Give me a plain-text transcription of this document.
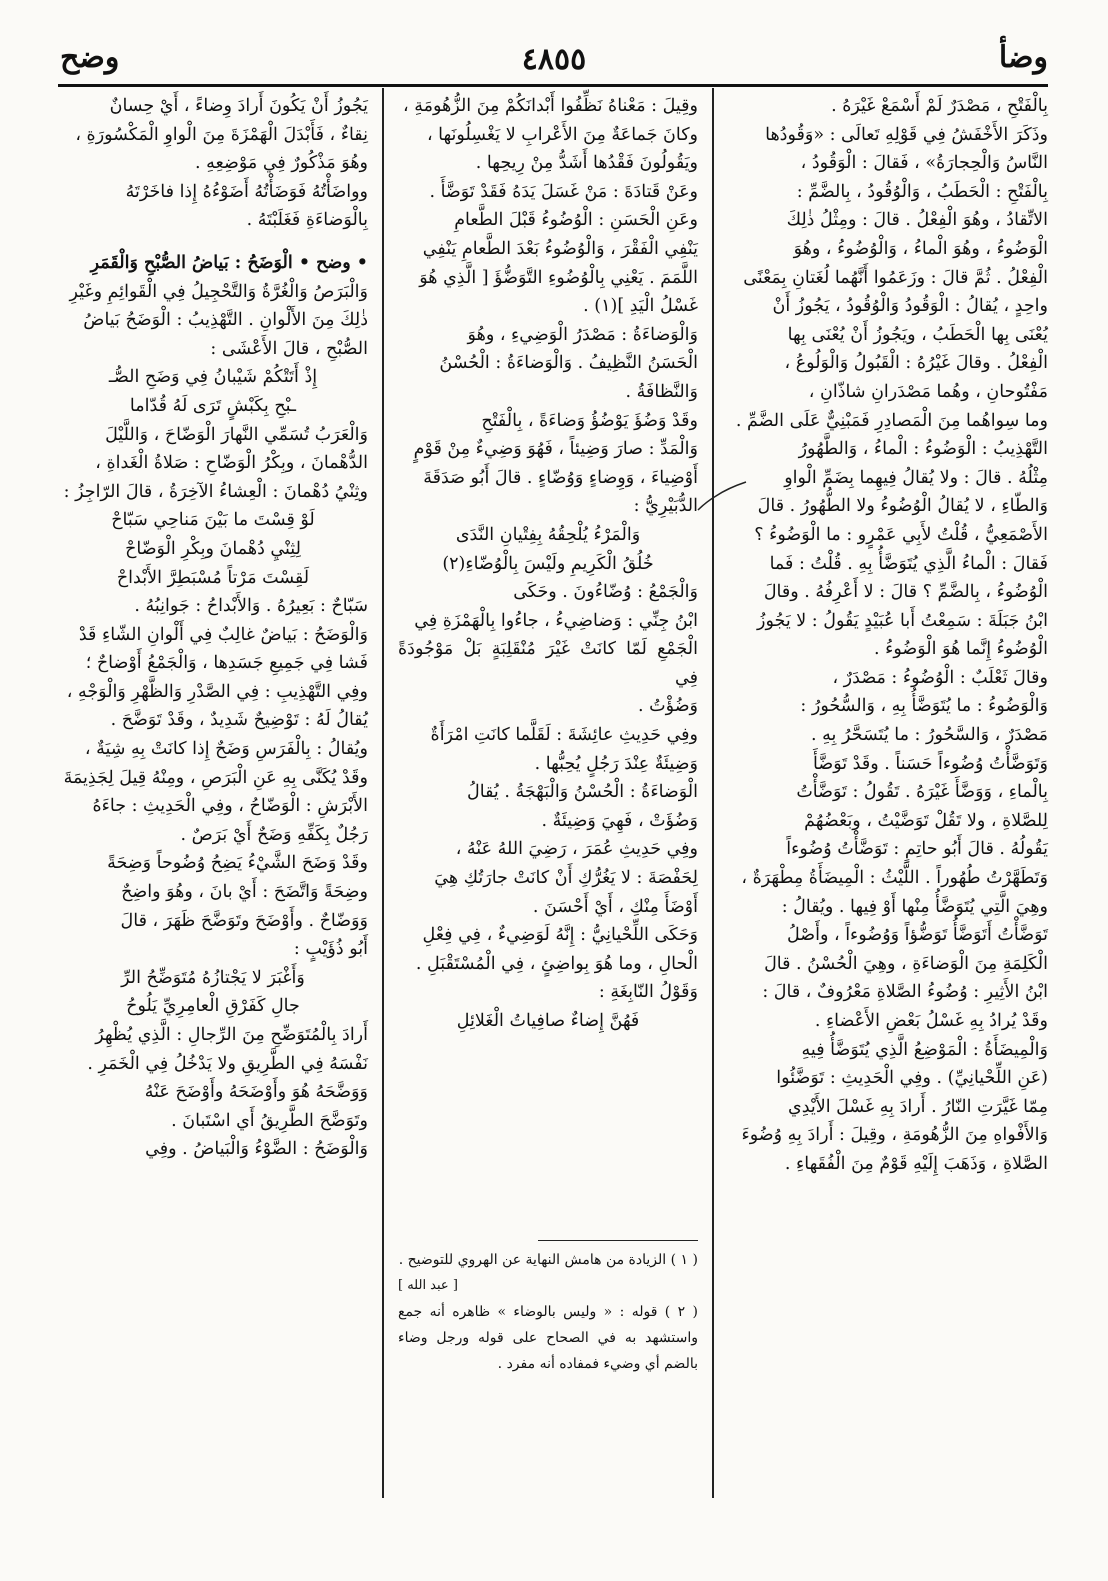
وضأ
٤٨٥٥
وضح

بِالْفَتْحِ ، مَصْدَرٌ لَمْ أَسْمَعْ غَيْرَهُ .

وذَكَرَ الأَخْفَشُ فِي قَوْلِهِ تَعالَى : «وَقُودُها

النَّاسُ وَالْحِجارَةُ» ، فَقالَ : الْوَقُودُ ،

بِالْفَتْحِ : الْحَطَبُ ، وَالْوُقُودُ ، بِالضَّمِّ :

الاتِّقادُ ، وهُوَ الْفِعْلُ . قالَ : ومِثْلُ ذٰلِكَ

الْوَضُوءُ ، وهُوَ الْماءُ ، وَالْوُضُوءُ ، وهُوَ

الْفِعْلُ . ثُمَّ قالَ : وزَعَمُوا أَنَّهُما لُغَتانِ بِمَعْنًى

واحِدٍ ، يُقالُ : الْوَقُودُ وَالْوُقُودُ ، يَجُوزُ أَنْ

يُعْنَى بِها الْحَطَبُ ، ويَجُوزُ أَنْ يُعْنَى بِها

الْفِعْلُ . وقالَ غَيْرُهُ : الْقَبُولُ وَالْوَلُوعُ ،

مَفْتُوحانِ ، وهُما مَصْدَرانِ شاذّانِ ،

وما سِواهُما مِنَ الْمَصادِرِ فَمَبْنِيٌّ عَلَى الضَّمِّ .

التَّهْذِيبُ : الْوَضُوءُ : الْماءُ ، وَالطَّهُورُ

مِثْلُهُ . قالَ : ولا يُقالُ فِيهِما بِضَمِّ الْواوِ

وَالطّاءِ ، لا يُقالُ الْوُضُوءُ ولا الطُّهُورُ . قالَ

الأَصْمَعِيُّ ، قُلْتُ لأَبِي عَمْرٍو : ما الْوَضُوءُ ؟

فَقالَ : الْماءُ الَّذِي يُتَوَضَّأُ بِهِ . قُلْتُ : فَما

الْوُضُوءُ ، بِالضَّمِّ ؟ قالَ : لا أَعْرِفُهُ . وقالَ

ابْنُ جَبَلَةَ : سَمِعْتُ أَبا عُبَيْدٍ يَقُولُ : لا يَجُوزُ

الْوُضُوءُ إِنَّما هُوَ الْوَضُوءُ .

وقالَ ثَعْلَبٌ : الْوُضُوءُ : مَصْدَرٌ ،

وَالْوَضُوءُ : ما يُتَوَضَّأُ بِهِ ، وَالسُّحُورُ :

مَصْدَرٌ ، وَالسَّحُورُ : ما يُتَسَحَّرُ بِهِ .

وَتَوَضَّأْتُ وُضُوءاً حَسَناً . وقَدْ تَوَضَّأَ

بِالْماءِ ، وَوَضَّأَ غَيْرَهُ . تَقُولُ : تَوَضَّأْتُ

لِلصَّلاةِ ، ولا تَقُلْ تَوَضَّيْتُ ، وبَعْضُهُمْ

يَقُولُهُ . قالَ أَبُو حاتِمٍ : تَوَضَّأْتُ وُضُوءاً

وَتَطَهَّرْتُ طُهُوراً . اللَّيْثُ : الْمِيضَأَةُ مِطْهَرَةٌ ،

وهِيَ الَّتِي يُتَوَضَّأُ مِنْها أَوْ فِيها . ويُقالُ :

تَوَضَّأْتُ أَتَوَضَّأُ تَوَضُّؤاً وَوُضُوءاً ، وأَصْلُ

الْكَلِمَةِ مِنَ الْوَضاءَةِ ، وهِيَ الْحُسْنُ . قالَ

ابْنُ الأَثِيرِ : وُضُوءُ الصَّلاةِ مَعْرُوفٌ ، قالَ :

وقَدْ يُرادُ بِهِ غَسْلُ بَعْضِ الأَعْضاءِ .

وَالْمِيضَأَةُ : الْمَوْضِعُ الَّذِي يُتَوَضَّأُ فِيهِ

(عَنِ اللِّحْيانِيِّ) . وفِي الْحَدِيثِ : تَوَضَّئُوا

مِمّا غَيَّرَتِ النّارُ . أَرادَ بِهِ غَسْلَ الأَيْدِي

وَالأَفْواهِ مِنَ الزُّهُومَةِ ، وقِيلَ : أَرادَ بِهِ وُضُوءَ

الصَّلاةِ ، وَذَهَبَ إِلَيْهِ قَوْمٌ مِنَ الْفُقَهاءِ .

وقِيلَ : مَعْناهُ نَظِّفُوا أَبْدانَكُمْ مِنَ الزُّهُومَةِ ،

وكانَ جَماعَةٌ مِنَ الأَعْرابِ لا يَغْسِلُونَها ،

ويَقُولُونَ فَقْدُها أَشَدُّ مِنْ رِيحِها .

وعَنْ قَتادَةَ : مَنْ غَسَلَ يَدَهُ فَقَدْ تَوَضَّأَ .

وعَنِ الْحَسَنِ : الْوُضُوءُ قَبْلَ الطَّعامِ

يَنْفِي الْفَقْرَ ، وَالْوُضُوءُ بَعْدَ الطَّعامِ يَنْفِي

اللَّمَمَ . يَعْنِي بِالْوُضُوءِ التَّوَضُّؤَ [ الَّذِي هُوَ

غَسْلُ الْيَدِ ](١) .

وَالْوَضاءَةُ : مَصْدَرُ الْوَضِيءِ ، وهُوَ

الْحَسَنُ النَّظِيفُ . وَالْوَضاءَةُ : الْحُسْنُ

وَالنَّظافَةُ .

وقَدْ وَضُؤَ يَوْضُؤُ وَضاءَةً ، بِالْفَتْحِ

وَالْمَدِّ : صارَ وَضِيئاً ، فَهُوَ وَضِيءٌ مِنْ قَوْمٍ

أَوْضِياءَ ، وَوِضاءٍ وَوُضّاءٍ . قالَ أَبُو صَدَقَةَ

الدُّبَيْرِيُّ :

وَالْمَرْءُ يُلْحِقُهُ بِفِتْيانِ النَّدَى

خُلُقُ الْكَرِيمِ ولَيْسَ بِالْوُضّاءِ(٢)

وَالْجَمْعُ : وُضّاءُونَ . وحَكَى

ابْنُ جِنِّي : وَضاضِيءُ ، جاءُوا بِالْهَمْزَةِ فِي

الْجَمْعِ لَمّا كانَتْ غَيْرَ مُنْقَلِبَةٍ بَلْ مَوْجُودَةً فِي

وَضُؤْتُ .

وفِي حَدِيثِ عائِشَةَ : لَقَلَّما كانَتِ امْرَأَةٌ

وَضِيئَةٌ عِنْدَ رَجُلٍ يُحِبُّها .

الْوَضاءَةُ : الْحُسْنُ وَالْبَهْجَةُ . يُقالُ

وَضُؤَتْ ، فَهِيَ وَضِيئَةٌ .

وفِي حَدِيثِ عُمَرَ ، رَضِيَ اللهُ عَنْهُ ،

لِحَفْصَةَ : لا يَغُرُّكِ أَنْ كانَتْ جارَتُكِ هِيَ

أَوْضَأَ مِنْكِ ، أَيْ أَحْسَنَ .

وَحَكَى اللِّحْيانِيُّ : إِنَّهُ لَوَضِيءٌ ، فِي فِعْلِ

الْحالِ ، وما هُوَ بِواضِئٍ ، فِي الْمُسْتَقْبَلِ .

وَقَوْلُ النّابِغَةِ :

فَهُنَّ إِضاءٌ صافِياتُ الْغَلائِلِ

يَجُوزُ أَنْ يَكُونَ أَرادَ وِضاءً ، أَيْ حِسانٌ

نِقاءٌ ، فَأَبْدَلَ الْهَمْزَةَ مِنَ الْواوِ الْمَكْسُورَةِ ،

وهُوَ مَذْكُورٌ فِي مَوْضِعِهِ .

وواضَأْتُهُ فَوَضَأْتُهُ أَضَوْءُهُ إِذا فاخَرْتَهُ

بِالْوَضاءَةِ فَغَلَبْتَهُ .

• وضح • الْوَضَحُ : بَياضُ الصُّبْحِ وَالْقَمَرِ

وَالْبَرَصُ وَالْغُرَّةُ وَالتَّحْجِيلُ فِي الْقَوائِمِ وغَيْرِ

ذٰلِكَ مِنَ الأَلْوانِ . التَّهْذِيبُ : الْوَضَحُ بَياضُ

الصُّبْحِ ، قالَ الأَعْشَى :

إِذْ أَتَتْكُمْ شَيْبانُ فِي وَضَحِ الصُّـ

ـبْحِ بِكَبْشٍ تَرَى لَهُ قُدّاما

وَالْعَرَبُ تُسَمِّي النَّهارَ الْوَضّاحَ ، وَاللَّيْلَ

الدُّهْمانَ ، وبِكْرُ الْوَضّاحِ : صَلاةُ الْغَداةِ ،

وثِنْيُ دُهْمانَ : الْعِشاءُ الآخِرَةُ ، قالَ الرّاجِزُ :

لَوْ قِسْتَ ما بَيْنَ مَناحِي سَبّاحْ

لِثِنْيِ دُهْمانَ وبِكْرِ الْوَضّاحْ

لَقِسْتَ مَرْتاً مُسْبَطِرَّ الأَبْداحْ

سَبّاحٌ : بَعِيرُهُ . وَالأَبْداحُ : جَوانِبُهُ .

وَالْوَضَحُ : بَياضٌ غالِبٌ فِي أَلْوانِ الشّاءِ قَدْ

فَشا فِي جَمِيعِ جَسَدِها ، وَالْجَمْعُ أَوْضاحٌ ؛

وفِي التَّهْذِيبِ : فِي الصَّدْرِ وَالظَّهْرِ وَالْوَجْهِ ،

يُقالُ لَهُ : تَوْضِيحٌ شَدِيدٌ ، وقَدْ تَوَضَّحَ .

ويُقالُ : بِالْفَرَسِ وَضَحٌ إِذا كانَتْ بِهِ شِيَةٌ ،

وقَدْ يُكَنَّى بِهِ عَنِ الْبَرَصِ ، ومِنْهُ قِيلَ لِجَذِيمَةَ

الأَبْرَشِ : الْوَضّاحُ ، وفِي الْحَدِيثِ : جاءَهُ

رَجُلٌ بِكَفِّهِ وَضَحٌ أَيْ بَرَصٌ .

وقَدْ وَضَحَ الشَّيْءُ يَضِحُ وُضُوحاً وَضِحَةً

وضِحَةً وَاتَّضَحَ : أَيْ بانَ ، وهُوَ واضِحٌ

وَوَضّاحٌ . وأَوْضَحَ وتَوَضَّحَ ظَهَرَ ، قالَ

أَبُو ذُؤَيْبٍ :

وَأَغْبَرَ لا يَجْتازُهُ مُتَوَضِّحُ الرِّ

جالِ كَفَرْقِ الْعامِرِيِّ يَلُوحُ

أَرادَ بِالْمُتَوَضِّحِ مِنَ الرِّجالِ : الَّذِي يُظْهِرُ

نَفْسَهُ فِي الطَّرِيقِ ولا يَدْخُلُ فِي الْخَمَرِ .

وَوَضَّحَهُ هُوَ وأَوْضَحَهُ وأَوْضَحَ عَنْهُ

وتَوَضَّحَ الطَّرِيقُ أَي اسْتَبانَ .

وَالْوَضَحُ : الضَّوْءُ وَالْبَياضُ . وفِي

( ١ ) الزيادة من هامش النهاية عن الهروي للتوضيح .

[ عبد الله ]

( ٢ ) قوله : « وليس بالوضاء » ظاهره أنه جمع واستشهد به في الصحاح على قوله ورجل وضاء بالضم أي وضيء فمفاده أنه مفرد .
